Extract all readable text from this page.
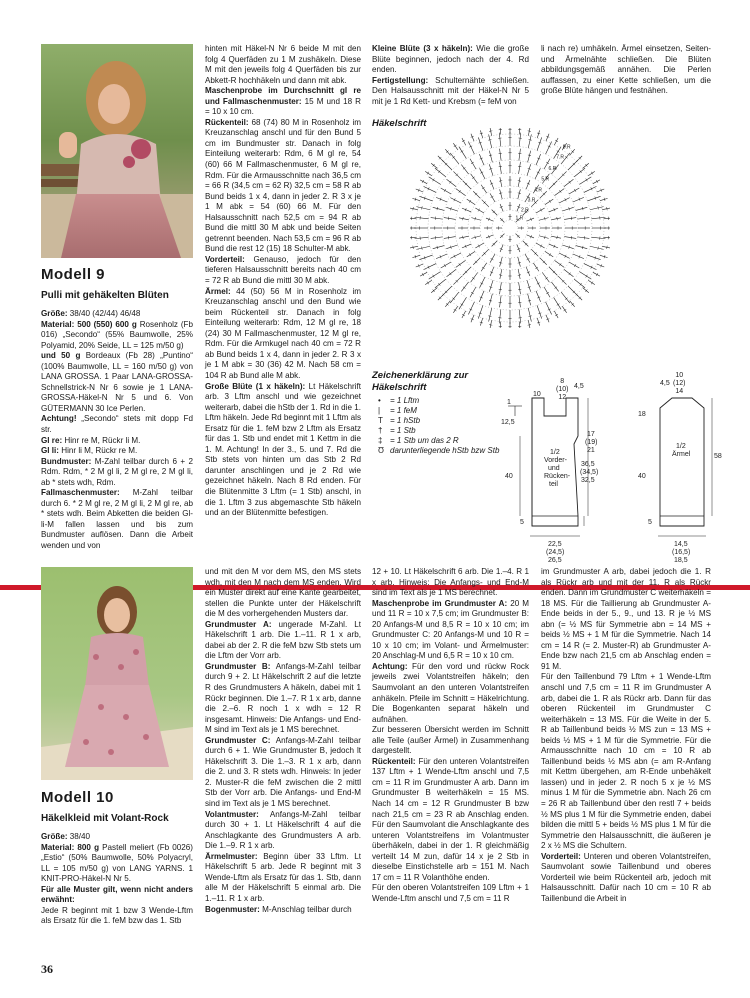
Modell 9
Pulli mit gehäkelten Blüten

Größe: 38/40 (42/44) 46/48

Material: 500 (550) 600 g Rosenholz (Fb 016) „Secondo“ (55% Baumwolle, 25% Polyamid, 20% Seide, LL = 125 m/50 g)

und 50 g Bordeaux (Fb 28) „Puntino“ (100% Baumwolle, LL = 160 m/50 g) von LANA GROSSA. 1 Paar LANA-GROSSA-Schnellstrick-N Nr 6 sowie je 1 LANA-GROSSA-Häkel-N Nr 5 und 6. Von GÜTERMANN 30 Ice Perlen.

Achtung! „Secondo“ stets mit dopp Fd str.

Gl re: Hinr re M, Rückr li M.

Gl li: Hinr li M, Rückr re M.

Bundmuster: M-Zahl teilbar durch 6 + 2 Rdm. Rdm, * 2 M gl li, 2 M gl re, 2 M gl li, ab * stets wdh, Rdm.

Fallmaschenmuster: M-Zahl teilbar durch 6. * 2 M gl re, 2 M gl li, 2 M gl re, ab * stets wdh. Beim Abketten die beiden Gl-li-M fallen lassen und bis zum Bundmuster auflösen. Dann die Arbeit wenden und von

hinten mit Häkel-N Nr 6 beide M mit den folg 4 Querfäden zu 1 M zushäkeln. Diese M mit den jeweils folg 4 Querfäden bis zur Abkett-R hochhäkeln und dann mit abk.

Maschenprobe im Durchschnitt gl re und Fallmaschenmuster: 15 M und 18 R = 10 x 10 cm.

Rückenteil: 68 (74) 80 M in Rosenholz im Kreuzanschlag anschl und für den Bund 5 cm im Bundmuster str. Danach in folg Einteilung weiterarb: Rdm, 6 M gl re, 54 (60) 66 M Fallmaschenmuster, 6 M gl re, Rdm. Für die Armausschnitte nach 36,5 cm = 66 R (34,5 cm = 62 R) 32,5 cm = 58 R ab Bund beids 1 x 4, dann in jeder 2. R 3 x je 1 M abk = 54 (60) 66 M. Für den Halsausschnitt nach 52,5 cm = 94 R ab Bund die mittl 30 M abk und beide Seiten getrennt beenden. Nach 53,5 cm = 96 R ab Bund die rest 12 (15) 18 Schulter-M abk.

Vorderteil: Genauso, jedoch für den tieferen Halsausschnitt bereits nach 40 cm = 72 R ab Bund die mittl 30 M abk.

Ärmel: 44 (50) 56 M in Rosenholz im Kreuzanschlag anschl und den Bund wie beim Rückenteil str. Danach in folg Einteilung weiterarb: Rdm, 12 M gl re, 18 (24) 30 M Fallmaschenmuster, 12 M gl re, Rdm. Für die Armkugel nach 40 cm = 72 R ab Bund beids 1 x 4, dann in jeder 2. R 3 x je 1 M abk = 30 (36) 42 M. Nach 58 cm = 104 R ab Bund alle M abk.

Große Blüte (1 x häkeln): Lt Häkelschrift arb. 3 Lftm anschl und wie gezeichnet weiterarb, dabei die hStb der 1. Rd in die 1. Lftm häkeln. Jede Rd beginnt mit 1 Lftm als Ersatz für die 1. feM bzw 2 Lftm als Ersatz für das 1. Stb und endet mit 1 Kettm in die 1. M. Achtung! In der 3., 5. und 7. Rd die Stb stets von hinten um das Stb 2 Rd darunter anschlingen und je 2 Rd wie gezeichnet häkeln. Nach 8 Rd enden. Für die Blütenmitte 3 Lftm (= 1 Stb) anschl, in die 1. Lftm 3 zus abgemaschte Stb häkeln und an der Blütenmitte befestigen.

Kleine Blüte (3 x häkeln): Wie die große Blüte beginnen, jedoch nach der 4. Rd enden.

Fertigstellung: Schulternähte schließen. Den Halsausschnitt mit der Häkel-N Nr 5 mit je 1 Rd Kett- und Krebsm (= feM von

li nach re) umhäkeln. Ärmel einsetzen, Seiten- und Ärmelnähte schließen. Die Blüten abbildungsgemäß annähen. Die Perlen auffassen, zu einer Kette schließen, um die große Blüte hängen und festnähen.

Häkelschrift
1.R
2.R
3.R
4.R
5.R
6.R
7.R
8.R
Zeichenerklärung zur Häkelschrift
• = 1 Lftm
| = 1 feM
T = 1 hStb
† = 1 Stb
‡ = 1 Stb um das 2 R
Ʊ darunterliegende hStb bzw Stb
1
10
12,5
17
(19)
21
40
1/2
Vorder-
und
Rücken-
teil
36,5
(34,5)
32,5
5
22,5
(24,5)
26,5
8
(10)
12
4,5
18
58
40
1/2
Ärmel
5
14,5
(16,5)
18,5
4,5
10
(12)
14
Modell 10
Häkelkleid mit Volant-Rock

Größe: 38/40

Material: 800 g Pastell meliert (Fb 0026) „Estio“ (50% Baumwolle, 50% Polyacryl, LL = 105 m/50 g) von LANG YARNS. 1 KNIT-PRO-Häkel-N Nr 5.

Für alle Muster gilt, wenn nicht anders erwähnt:

Jede R beginnt mit 1 bzw 3 Wende-Lftm als Ersatz für die 1. feM bzw das 1. Stb

und mit den M vor dem MS, den MS stets wdh, mit den M nach dem MS enden. Wird ein Muster direkt auf eine Kante gearbeitet, stellen die Punkte unter der Häkelschrift die M des vorhergehenden Musters dar.

Grundmuster A: ungerade M-Zahl. Lt Häkelschrift 1 arb. Die 1.–11. R 1 x arb, dabei ab der 2. R die feM bzw Stb stets um die Lftm der Vorr arb.

Grundmuster B: Anfangs-M-Zahl teilbar durch 9 + 2. Lt Häkelschrift 2 auf die letzte R des Grundmusters A häkeln, dabei mit 1 Rückr beginnen. Die 1.–7. R 1 x arb, danne die 2.–6. R noch 1 x wdh = 12 R insgesamt. Hinweis: Die Anfangs- und End-M sind im Text als je 1 MS berechnet.

Grundmuster C: Anfangs-M-Zahl teilbar durch 6 + 1. Wie Grundmuster B, jedoch lt Häkelschrift 3. Die 1.–3. R 1 x arb, dann die 2. und 3. R stets wdh. Hinweis: In jeder 2. Muster-R die feM zwischen die 2 mittl Stb der Vorr arb. Die Anfangs- und End-M sind im Text als je 1 MS berechnet.

Volantmuster: Anfangs-M-Zahl teilbar durch 30 + 1. Lt Häkelschrift 4 auf die Anschlagkante des Grundmusters A arb. Die 1.–9. R 1 x arb.

Ärmelmuster: Beginn über 33 Lftm. Lt Häkelschrift 5 arb. Jede R beginnt mit 3 Wende-Lftm als Ersatz für das 1. Stb, dann alle M der Häkelschrift 5 einmal arb. Die 1.–11. R 1 x arb.

Bogenmuster: M-Anschlag teilbar durch

12 + 10. Lt Häkelschrift 6 arb. Die 1.–4. R 1 x arb. Hinweis: Die Anfangs- und End-M sind im Text als je 1 MS berechnet.

Maschenprobe im Grundmuster A: 20 M und 11 R = 10 x 7,5 cm; im Grundmuster B: 20 Anfangs-M und 8,5 R = 10 x 10 cm; im Grundmuster C: 20 Anfangs-M und 10 R = 10 x 10 cm; im Volant- und Ärmelmuster: 20 Anschlag-M und 6,5 R = 10 x 10 cm.

Achtung: Für den vord und rückw Rock jeweils zwei Volantstreifen häkeln; den Saumvolant an den unteren Volantstreifen anhäkeln. Pfeile im Schnitt = Häkelrichtung. Die Bogenkanten separat häkeln und aufnähen.

Zur besseren Übersicht werden im Schnitt alle Teile (außer Ärmel) in Zusammenhang dargestellt.

Rückenteil: Für den unteren Volantstreifen 137 Lftm + 1 Wende-Lftm anschl und 7,5 cm = 11 R im Grundmuster A arb. Dann im Grundmuster B weiterhäkeln = 15 MS. Nach 14 cm = 12 R Grundmuster B bzw nach 21,5 cm = 23 R ab Anschlag enden. Für den Saumvolant die Anschlagkante des unteren Volantstreifens im Volantmuster überhäkeln, dabei in der 1. R gleichmäßig verteilt 14 M zun, dafür 14 x je 2 Stb in dieselbe Einstichstelle arb = 151 M. Nach 17 cm = 11 R Volanthöhe enden.

Für den oberen Volantstreifen 109 Lftm + 1 Wende-Lftm anschl und 7,5 cm = 11 R

im Grundmuster A arb, dabei jedoch die 1. R als Rückr arb und mit der 11. R als Rückr enden. Dann im Grundmuster C weiterhäkeln = 18 MS. Für die Taillierung ab Grundmuster A-Ende beids in der 5., 9., und 13. R je ½ MS abn (= ½ MS für Symmetrie abn = 14 MS + beids ½ MS + 1 M für die Symmetrie. Nach 14 cm = 14 R (= 2. Muster-R) ab Grundmuster A-Ende bzw nach 21,5 cm ab Anschlag enden = 91 M.

Für den Taillenbund 79 Lftm + 1 Wende-Lftm anschl und 7,5 cm = 11 R im Grundmuster A arb, dabei die 1. R als Rückr arb. Dann für das oberen Rückenteil im Grundmuster C weiterhäkeln = 13 MS. Für die Weite in der 5. R ab Taillenbund beids ½ MS zun = 13 MS + beids ½ MS + 1 M für die Symmetrie. Für die Armausschnitte nach 10 cm = 10 R ab Taillenbund beids ½ MS abn (= am R-Anfang mit Kettm übergehen, am R-Ende unbehäkelt lassen) und in jeder 2. R noch 5 x je ½ MS minus 1 M für die Symmetrie abn. Nach 26 cm = 26 R ab Taillenbund über den restl 7 + beids ½ MS plus 1 M für die Symmetrie enden, dabei bilden die mittl 5 + beids ½ MS plus 1 M für die Symmetrie den Halsausschnitt, die äußeren je 2 x ½ MS die Schultern.

Vorderteil: Unteren und oberen Volantstreifen, Saumvolant sowie Taillenbund und oberes Vorderteil wie beim Rückenteil arb, jedoch mit Halsausschnitt. Dafür nach 10 cm = 10 R ab Taillenbund die Arbeit in

36
